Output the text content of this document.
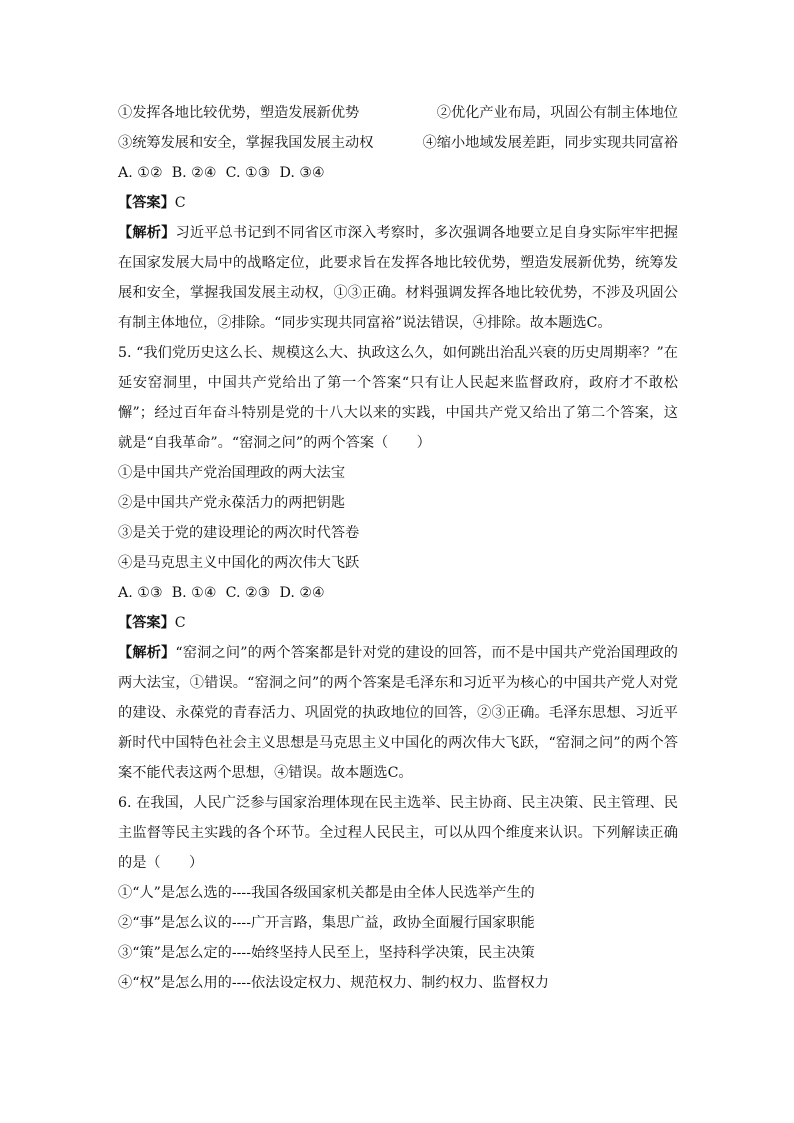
①发挥各地比较优势，塑造发展新优势	②优化产业布局，巩固公有制主体地位
③统筹发展和安全，掌握我国发展主动权	④缩小地域发展差距，同步实现共同富裕
A. ①②  B. ②④  C. ①③  D. ③④
【答案】C

【解析】习近平总书记到不同省区市深入考察时，多次强调各地要立足自身实际牢牢把握在国家发展大局中的战略定位，此要求旨在发挥各地比较优势，塑造发展新优势，统筹发展和安全，掌握我国发展主动权，①③正确。材料强调发挥各地比较优势，不涉及巩固公有制主体地位，②排除。“同步实现共同富裕”说法错误，④排除。故本题选C。

5. “我们党历史这么长、规模这么大、执政这么久，如何跳出治乱兴衰的历史周期率？”在延安窑洞里，中国共产党给出了第一个答案“只有让人民起来监督政府，政府才不敢松懈”；经过百年奋斗特别是党的十八大以来的实践，中国共产党又给出了第二个答案，这就是“自我革命”。“窑洞之问”的两个答案（　　）

①是中国共产党治国理政的两大法宝
②是中国共产党永葆活力的两把钥匙
③是关于党的建设理论的两次时代答卷
④是马克思主义中国化的两次伟大飞跃
A. ①③  B. ①④  C. ②③  D. ②④
【答案】C

【解析】“窑洞之问”的两个答案都是针对党的建设的回答，而不是中国共产党治国理政的两大法宝，①错误。“窑洞之问”的两个答案是毛泽东和习近平为核心的中国共产党人对党的建设、永葆党的青春活力、巩固党的执政地位的回答，②③正确。毛泽东思想、习近平新时代中国特色社会主义思想是马克思主义中国化的两次伟大飞跃，“窑洞之问”的两个答案不能代表这两个思想，④错误。故本题选C。

6. 在我国，人民广泛参与国家治理体现在民主选举、民主协商、民主决策、民主管理、民主监督等民主实践的各个环节。全过程人民民主，可以从四个维度来认识。下列解读正确的是（　　）

①“人”是怎么选的----我国各级国家机关都是由全体人民选举产生的
②“事”是怎么议的----广开言路，集思广益，政协全面履行国家职能
③“策”是怎么定的----始终坚持人民至上，坚持科学决策，民主决策
④“权”是怎么用的----依法设定权力、规范权力、制约权力、监督权力
